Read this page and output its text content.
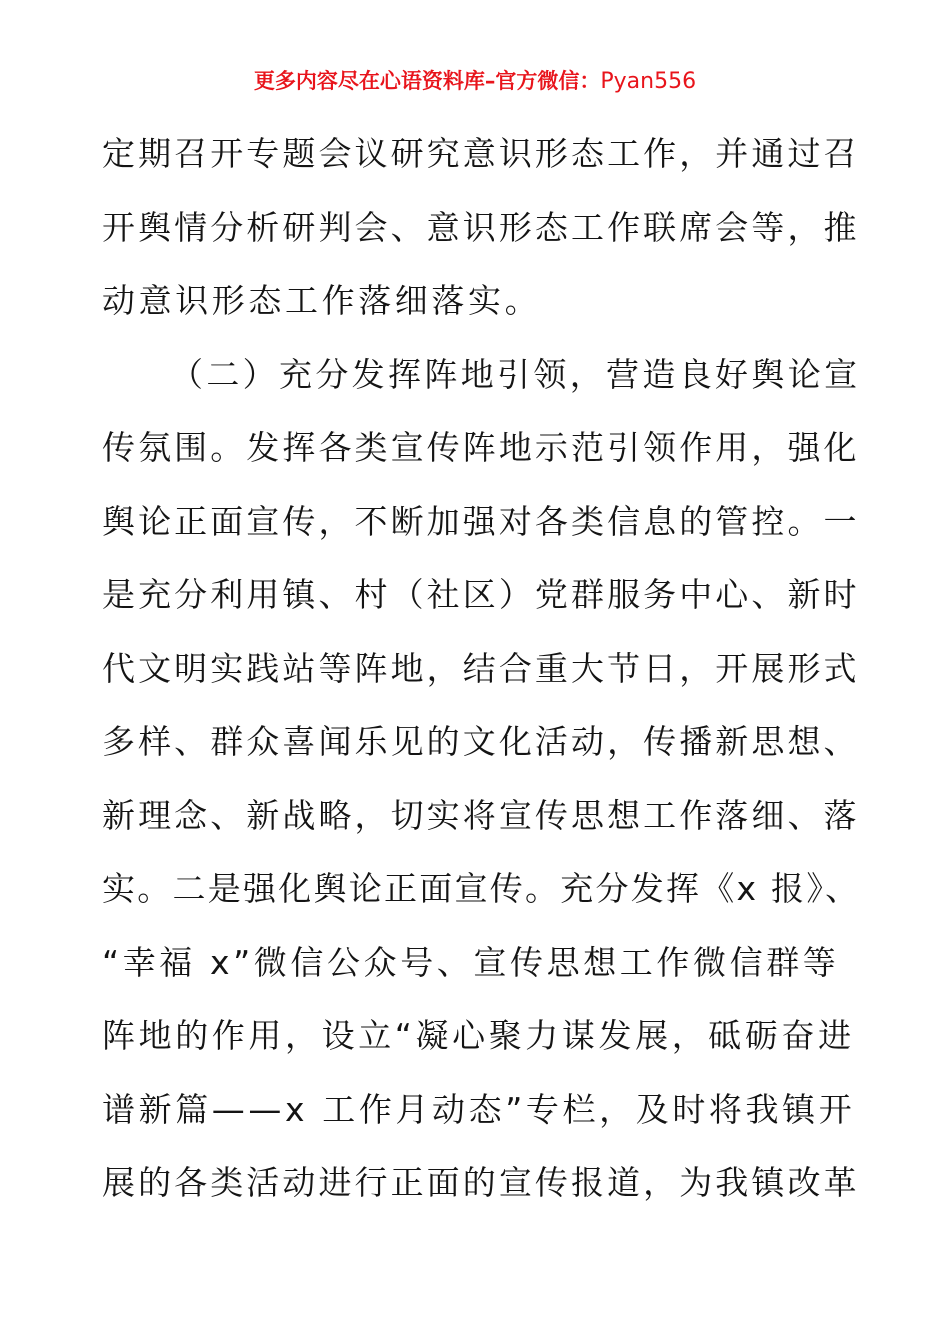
更多内容尽在心语资料库–官方微信：Pyan556
定期召开专题会议研究意识形态工作，并通过召
开舆情分析研判会、意识形态工作联席会等，推
动意识形态工作落细落实。
（二）充分发挥阵地引领，营造良好舆论宣
传氛围。发挥各类宣传阵地示范引领作用，强化
舆论正面宣传，不断加强对各类信息的管控。一
是充分利用镇、村（社区）党群服务中心、新时
代文明实践站等阵地，结合重大节日，开展形式
多样、群众喜闻乐见的文化活动，传播新思想、
新理念、新战略，切实将宣传思想工作落细、落
实。二是强化舆论正面宣传。充分发挥《x 报》、
“幸福 x”微信公众号、宣传思想工作微信群等
阵地的作用，设立“凝心聚力谋发展，砥砺奋进
谱新篇——x 工作月动态”专栏，及时将我镇开
展的各类活动进行正面的宣传报道，为我镇改革
